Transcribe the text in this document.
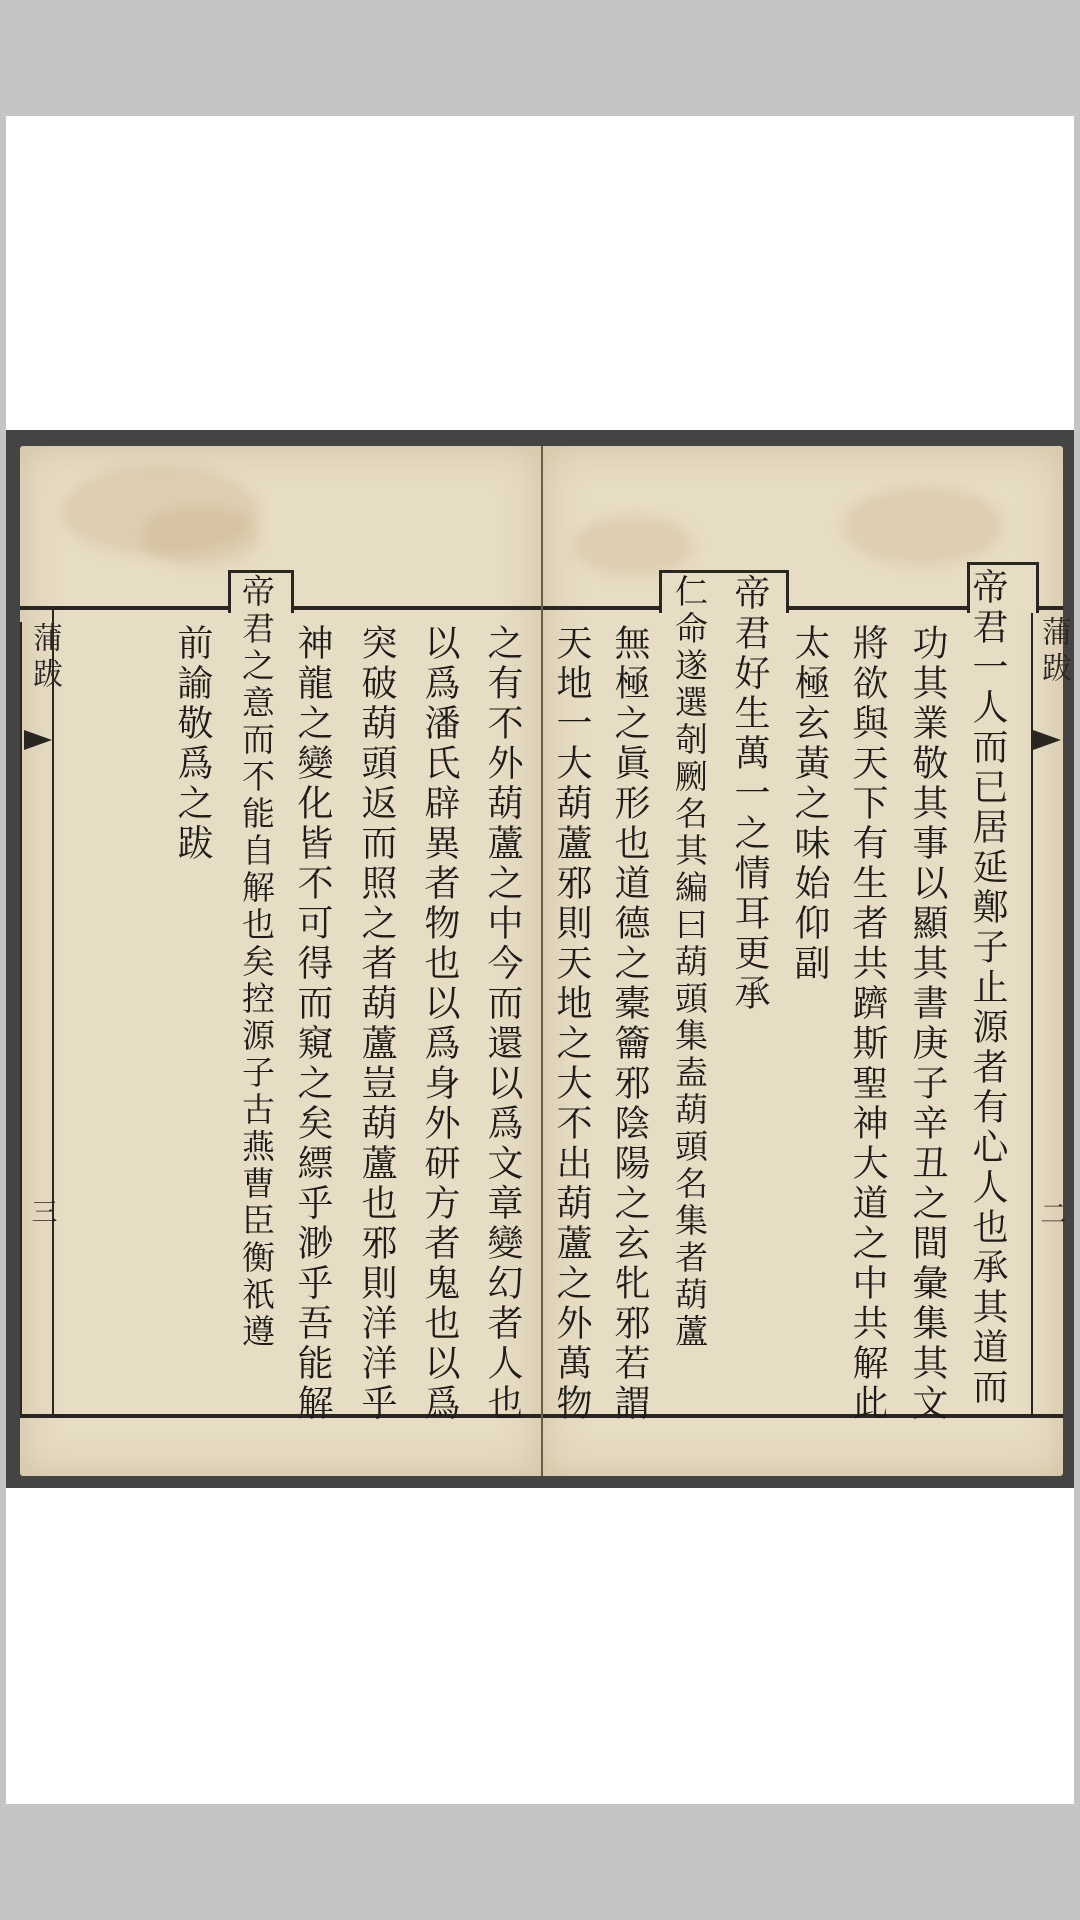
蒲跋
三	之有不外葫蘆之中今而還以爲文章變幻者人也
以爲潘氏辟異者物也以爲身外研方者鬼也以爲
突破葫頭返而照之者葫蘆豈葫蘆也邪則洋洋乎
神龍之變化皆不可得而窺之矣縹乎渺乎吾能解
帝君之意而不能自解也矣控源子古燕曹臣衡祇遵
前諭敬爲之跋	蒲跋
二
帝君一人而已居延鄭子止源者有心人也承其道而
功其業敬其事以顯其書庚子辛丑之間彙集其文
將欲與天下有生者共躋斯聖神大道之中共解此
太極玄黃之味始仰副
帝君好生萬一之情耳更承
仁命遂選剞劂名其編曰葫頭集盍葫頭名集者葫蘆
無極之眞形也道德之橐籥邪陰陽之玄牝邪若謂
天地一大葫蘆邪則天地之大不出葫蘆之外萬物
